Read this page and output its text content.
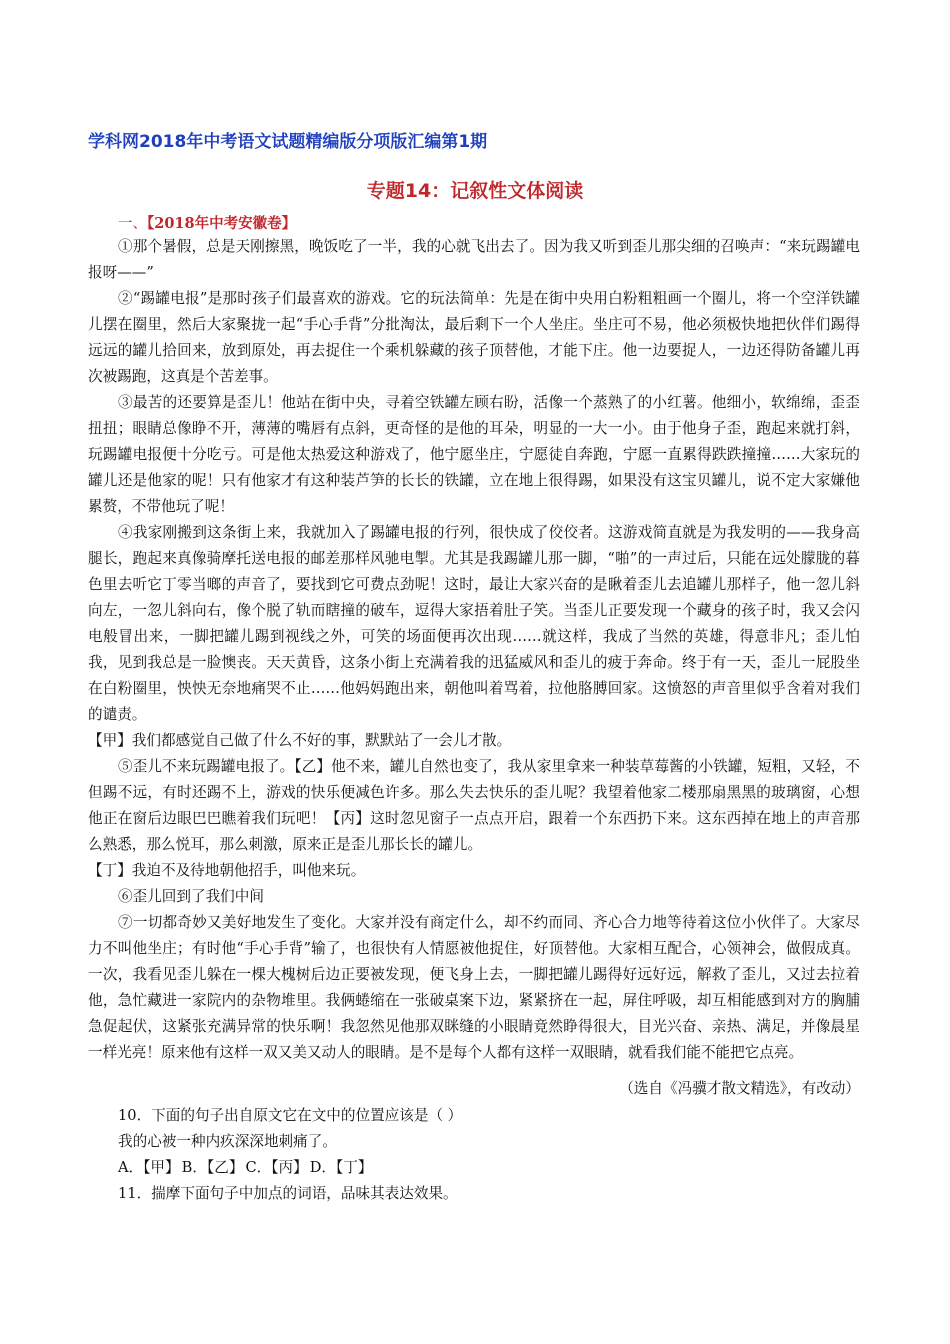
学科网2018年中考语文试题精编版分项版汇编第1期
专题14：记叙性文体阅读
一、【2018年中考安徽卷】

①那个暑假，总是天刚擦黑，晚饭吃了一半，我的心就飞出去了。因为我又听到歪儿那尖细的召唤声：“来玩踢罐电报呀——”

②“踢罐电报”是那时孩子们最喜欢的游戏。它的玩法简单：先是在街中央用白粉粗粗画一个圈儿，将一个空洋铁罐儿摆在圈里，然后大家聚拢一起“手心手背”分批淘汰，最后剩下一个人坐庄。坐庄可不易，他必须极快地把伙伴们踢得远远的罐儿拾回来，放到原处，再去捉住一个乘机躲藏的孩子顶替他，才能下庄。他一边要捉人，一边还得防备罐儿再次被踢跑，这真是个苦差事。

③最苦的还要算是歪儿！他站在街中央，寻着空铁罐左顾右盼，活像一个蒸熟了的小红薯。他细小，软绵绵，歪歪扭扭；眼睛总像睁不开，薄薄的嘴唇有点斜，更奇怪的是他的耳朵，明显的一大一小。由于他身子歪，跑起来就打斜，玩踢罐电报便十分吃亏。可是他太热爱这种游戏了，他宁愿坐庄，宁愿徒自奔跑，宁愿一直累得跌跌撞撞……大家玩的罐儿还是他家的呢！只有他家才有这种装芦笋的长长的铁罐，立在地上很得踢，如果没有这宝贝罐儿，说不定大家嫌他累赘，不带他玩了呢！

④我家刚搬到这条街上来，我就加入了踢罐电报的行列，很快成了佼佼者。这游戏简直就是为我发明的——我身高腿长，跑起来真像骑摩托送电报的邮差那样风驰电掣。尤其是我踢罐儿那一脚，“啪”的一声过后，只能在远处朦胧的暮色里去听它丁零当啷的声音了，要找到它可费点劲呢！这时，最让大家兴奋的是瞅着歪儿去追罐儿那样子，他一忽儿斜向左，一忽儿斜向右，像个脱了轨而瞎撞的破车，逗得大家捂着肚子笑。当歪儿正要发现一个藏身的孩子时，我又会闪电般冒出来，一脚把罐儿踢到视线之外，可笑的场面便再次出现……就这样，我成了当然的英雄，得意非凡；歪儿怕我，见到我总是一脸懊丧。天天黄昏，这条小街上充满着我的迅猛威风和歪儿的疲于奔命。终于有一天，歪儿一屁股坐在白粉圈里，怏怏无奈地痛哭不止……他妈妈跑出来，朝他叫着骂着，拉他胳膊回家。这愤怒的声音里似乎含着对我们的谴责。

【甲】我们都感觉自己做了什么不好的事，默默站了一会儿才散。

⑤歪儿不来玩踢罐电报了。【乙】他不来，罐儿自然也变了，我从家里拿来一种装草莓酱的小铁罐，短粗，又轻，不但踢不远，有时还踢不上，游戏的快乐便减色许多。那么失去快乐的歪儿呢？我望着他家二楼那扇黑黑的玻璃窗，心想他正在窗后边眼巴巴瞧着我们玩吧！【丙】这时忽见窗子一点点开启，跟着一个东西扔下来。这东西掉在地上的声音那么熟悉，那么悦耳，那么刺激，原来正是歪儿那长长的罐儿。

【丁】我迫不及待地朝他招手，叫他来玩。

⑥歪儿回到了我们中间

⑦一切都奇妙又美好地发生了变化。大家并没有商定什么，却不约而同、齐心合力地等待着这位小伙伴了。大家尽力不叫他坐庄；有时他“手心手背”输了，也很快有人情愿被他捉住，好顶替他。大家相互配合，心领神会，做假成真。一次，我看见歪儿躲在一棵大槐树后边正要被发现，便飞身上去，一脚把罐儿踢得好远好远，解救了歪儿，又过去拉着他，急忙藏进一家院内的杂物堆里。我俩蜷缩在一张破桌案下边，紧紧挤在一起，屏住呼吸，却互相能感到对方的胸脯急促起伏，这紧张充满异常的快乐啊！我忽然见他那双眯缝的小眼睛竟然睁得很大，目光兴奋、亲热、满足，并像晨星一样光亮！原来他有这样一双又美又动人的眼睛。是不是每个人都有这样一双眼睛，就看我们能不能把它点亮。

（选自《冯骥才散文精选》，有改动）

10．下面的句子出自原文它在文中的位置应该是（ ）

我的心被一种内疚深深地刺痛了。

A．【甲】 B．【乙】 C．【丙】 D．【丁】

11．揣摩下面句子中加点的词语，品味其表达效果。
